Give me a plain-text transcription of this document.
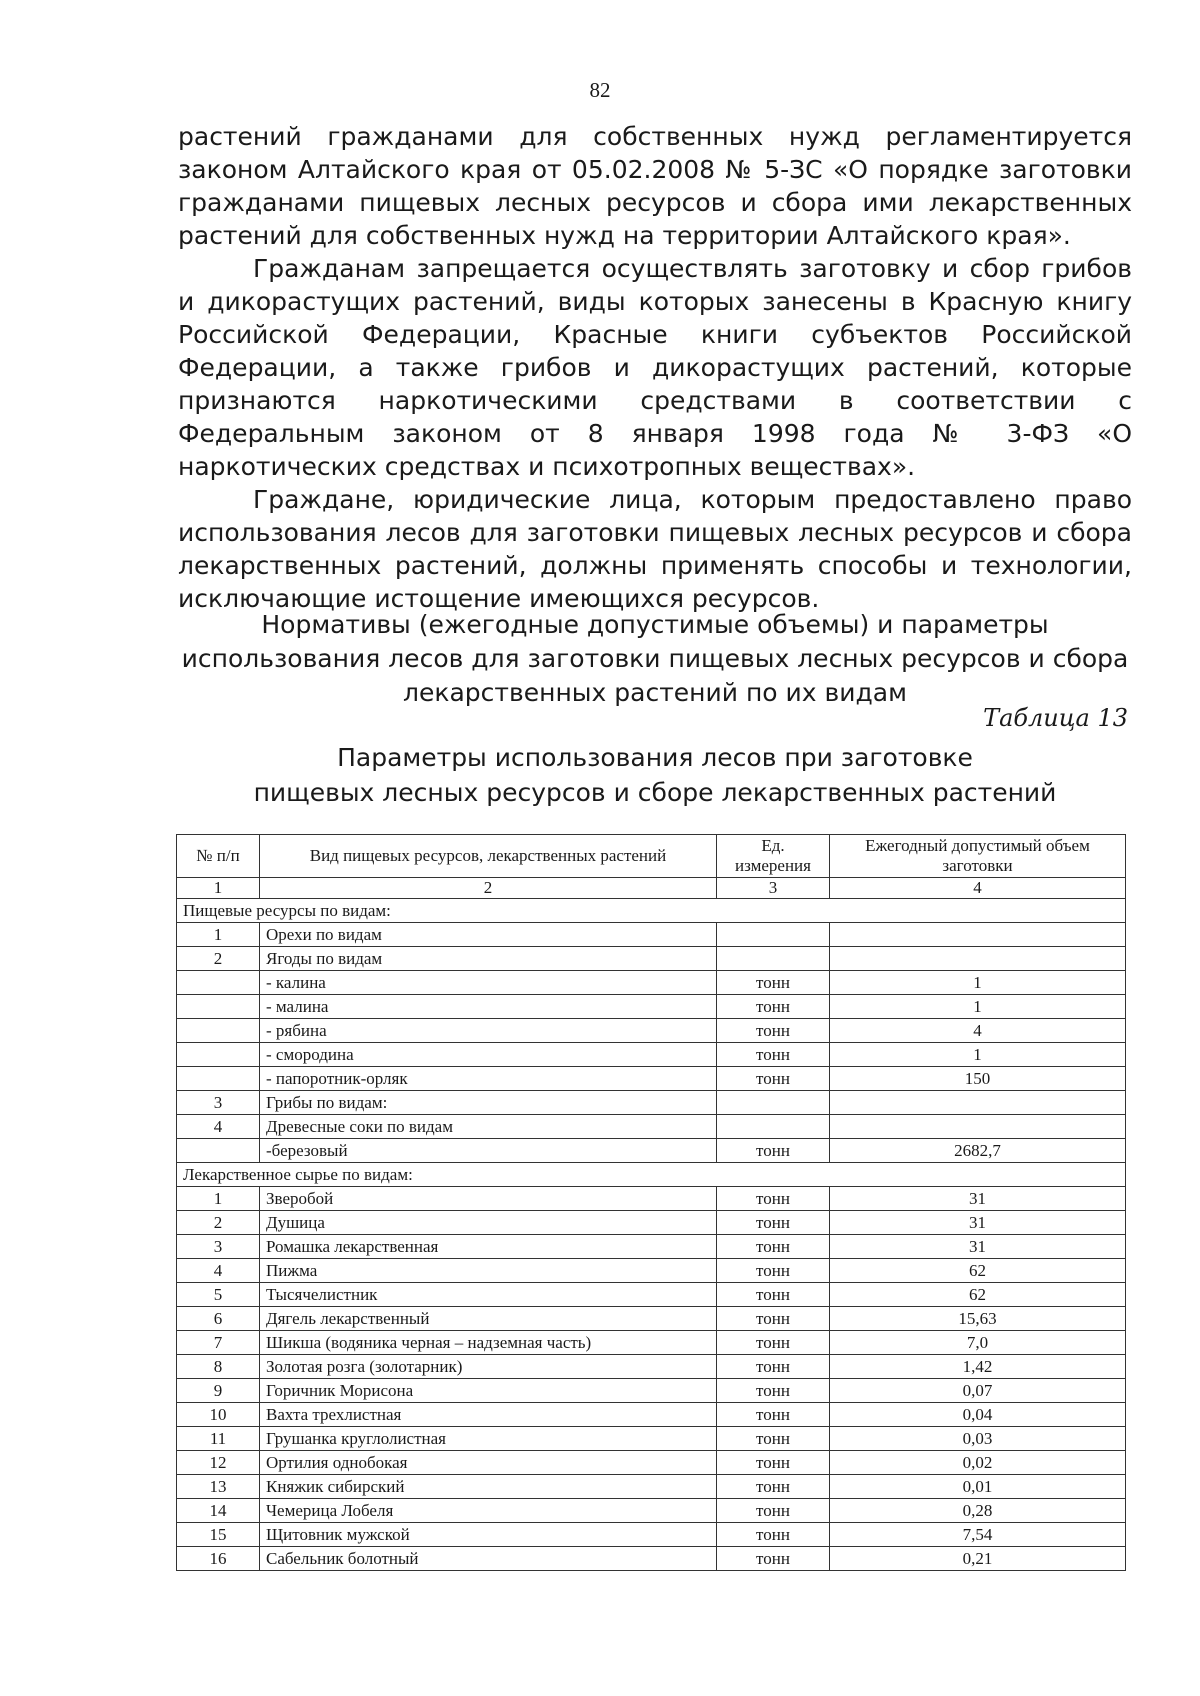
82

растений гражданами для собственных нужд регламентируется законом Алтайского края от 05.02.2008 № 5-ЗС «О порядке заготовки гражданами пищевых лесных ресурсов и сбора ими лекарственных растений для собственных нужд на территории Алтайского края».

Гражданам запрещается осуществлять заготовку и сбор грибов и дикорастущих растений, виды которых занесены в Красную книгу Российской Федерации, Красные книги субъектов Российской Федерации, а также грибов и дикорастущих растений, которые признаются наркотическими средствами в соответствии с Федеральным законом от 8 января 1998 года № 3-ФЗ «О наркотических средствах и психотропных веществах».

Граждане, юридические лица, которым предоставлено право использования лесов для заготовки пищевых лесных ресурсов и сбора лекарственных растений, должны применять способы и технологии, исключающие истощение имеющихся ресурсов.

Нормативы (ежегодные допустимые объемы) и параметры
использования лесов для заготовки пищевых лесных ресурсов и сбора
лекарственных растений по их видам
Таблица 13
Параметры использования лесов при заготовке
пищевых лесных ресурсов и сборе лекарственных растений
№ п/п	Вид пищевых ресурсов, лекарственных растений	Ед. измерения	Ежегодный допустимый объем заготовки
1	2	3	4
Пищевые ресурсы по видам:			
1	Орехи по видам		
2	Ягоды по видам		
	- калина	тонн	1
	- малина	тонн	1
	- рябина	тонн	4
	- смородина	тонн	1
	- папоротник-орляк	тонн	150
3	Грибы по видам:		
4	Древесные соки по видам		
	-березовый	тонн	2682,7
Лекарственное сырье по видам:			
1	Зверобой	тонн	31
2	Душица	тонн	31
3	Ромашка лекарственная	тонн	31
4	Пижма	тонн	62
5	Тысячелистник	тонн	62
6	Дягель лекарственный	тонн	15,63
7	Шикша (водяника черная – надземная часть)	тонн	7,0
8	Золотая розга (золотарник)	тонн	1,42
9	Горичник Морисона	тонн	0,07
10	Вахта трехлистная	тонн	0,04
11	Грушанка круглолистная	тонн	0,03
12	Ортилия однобокая	тонн	0,02
13	Княжик сибирский	тонн	0,01
14	Чемерица Лобеля	тонн	0,28
15	Щитовник мужской	тонн	7,54
16	Сабельник болотный	тонн	0,21
